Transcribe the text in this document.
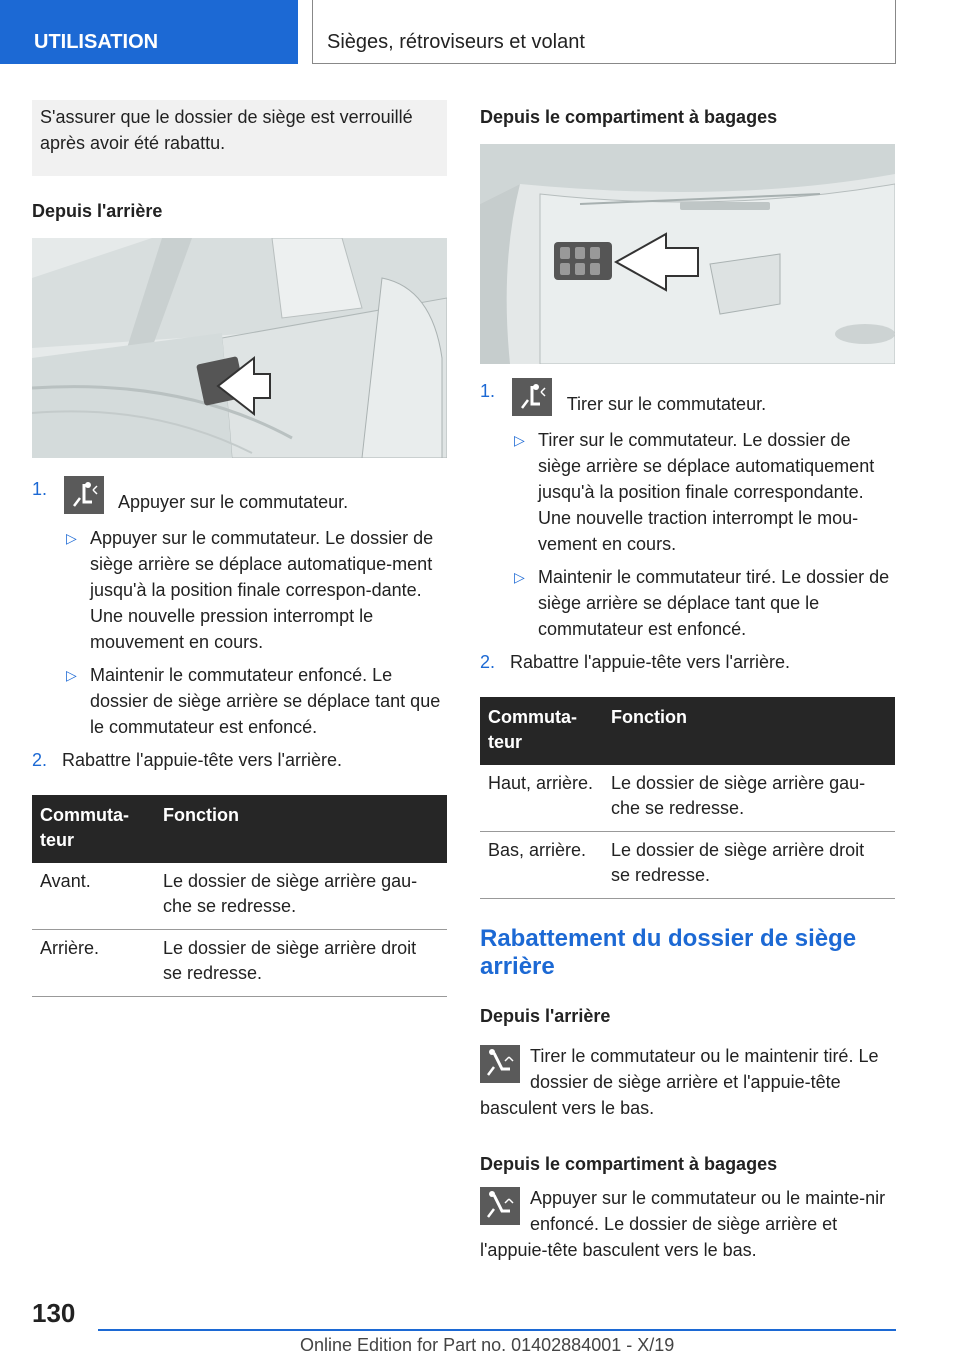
UTILISATION	Sièges, rétroviseurs et volant
S'assurer que le dossier de siège est verrouillé après avoir été rabattu.
Depuis l'arrière
1.
Appuyer sur le commutateur.
▷ Appuyer sur le commutateur. Le dossier de siège arrière se déplace automatique-ment jusqu'à la position finale correspon-dante. Une nouvelle pression interrompt le mouvement en cours.
▷ Maintenir le commutateur enfoncé. Le dossier de siège arrière se déplace tant que le commutateur est enfoncé.
2. Rabattre l'appuie-tête vers l'arrière.
Commuta-teur	Fonction
Avant.	Le dossier de siège arrière gau-che se redresse.
Arrière.	Le dossier de siège arrière droit se redresse.
Depuis le compartiment à bagages
1.
Tirer sur le commutateur.
▷ Tirer sur le commutateur. Le dossier de siège arrière se déplace automatiquement jusqu'à la position finale correspondante. Une nouvelle traction interrompt le mou-vement en cours.
▷ Maintenir le commutateur tiré. Le dossier de siège arrière se déplace tant que le commutateur est enfoncé.
2. Rabattre l'appuie-tête vers l'arrière.
Commuta-teur	Fonction
Haut, arrière.	Le dossier de siège arrière gau-che se redresse.
Bas, arrière.	Le dossier de siège arrière droit se redresse.
Rabattement du dossier de siège arrière
Depuis l'arrière

Tirer le commutateur ou le maintenir tiré. Le dossier de siège arrière et l'appuie-tête basculent vers le bas.

Depuis le compartiment à bagages

Appuyer sur le commutateur ou le mainte-nir enfoncé. Le dossier de siège arrière et l'appuie-tête basculent vers le bas.

130
Online Edition for Part no. 01402884001 - X/19
